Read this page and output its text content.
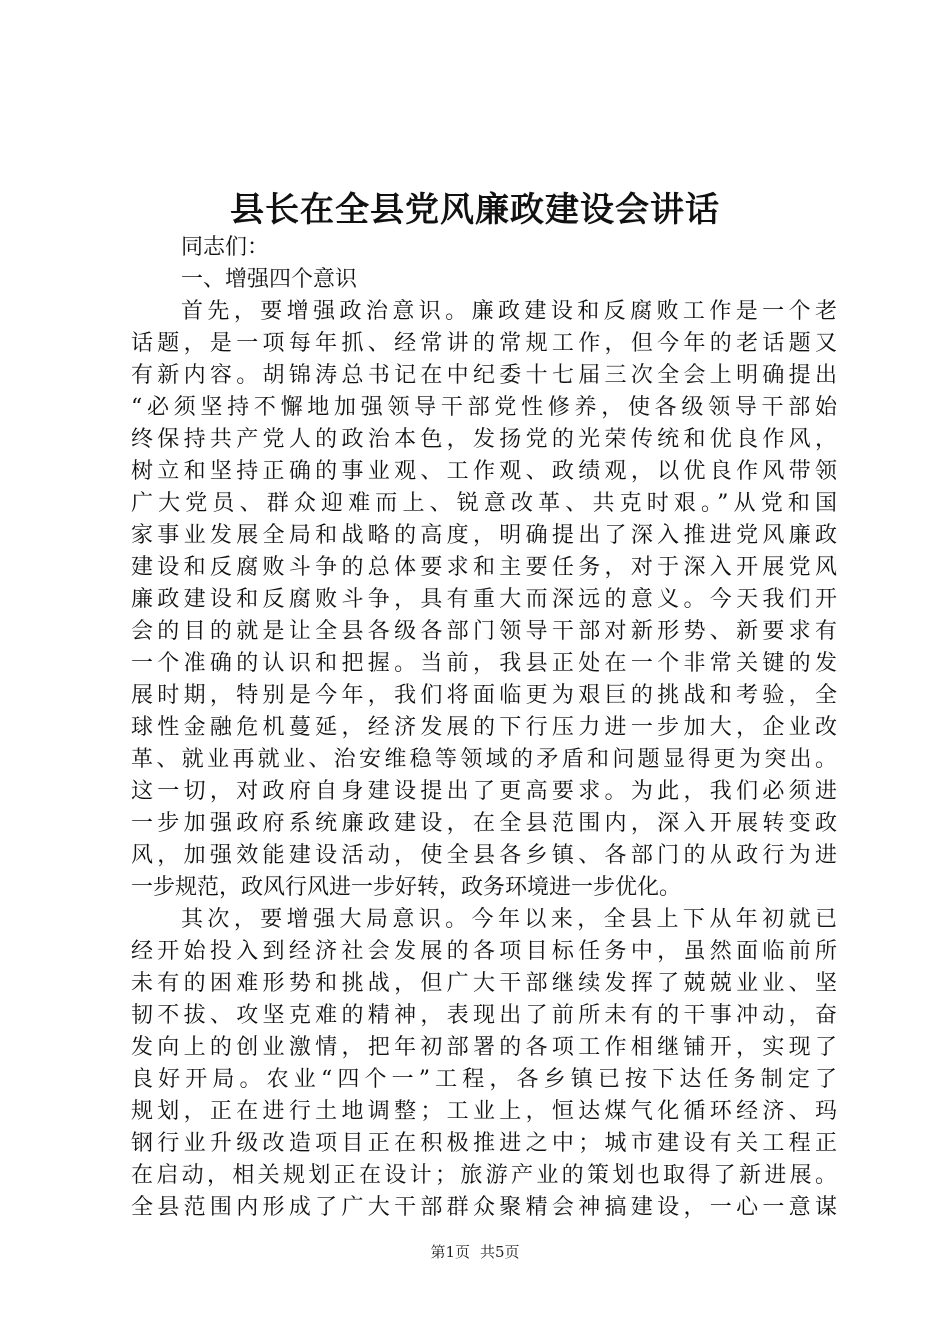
县长在全县党风廉政建设会讲话
同志们：
一、增强四个意识
首先，要增强政治意识。廉政建设和反腐败工作是一个老
话题，是一项每年抓、经常讲的常规工作，但今年的老话题又
有新内容。胡锦涛总书记在中纪委十七届三次全会上明确提出
“必须坚持不懈地加强领导干部党性修养，使各级领导干部始
终保持共产党人的政治本色，发扬党的光荣传统和优良作风，
树立和坚持正确的事业观、工作观、政绩观，以优良作风带领
广大党员、群众迎难而上、锐意改革、共克时艰。”从党和国
家事业发展全局和战略的高度，明确提出了深入推进党风廉政
建设和反腐败斗争的总体要求和主要任务，对于深入开展党风
廉政建设和反腐败斗争，具有重大而深远的意义。今天我们开
会的目的就是让全县各级各部门领导干部对新形势、新要求有
一个准确的认识和把握。当前，我县正处在一个非常关键的发
展时期，特别是今年，我们将面临更为艰巨的挑战和考验，全
球性金融危机蔓延，经济发展的下行压力进一步加大，企业改
革、就业再就业、治安维稳等领域的矛盾和问题显得更为突出。
这一切，对政府自身建设提出了更高要求。为此，我们必须进
一步加强政府系统廉政建设，在全县范围内，深入开展转变政
风，加强效能建设活动，使全县各乡镇、各部门的从政行为进
一步规范，政风行风进一步好转，政务环境进一步优化。
其次，要增强大局意识。今年以来，全县上下从年初就已
经开始投入到经济社会发展的各项目标任务中，虽然面临前所
未有的困难形势和挑战，但广大干部继续发挥了兢兢业业、坚
韧不拔、攻坚克难的精神，表现出了前所未有的干事冲动，奋
发向上的创业激情，把年初部署的各项工作相继铺开，实现了
良好开局。农业“四个一”工程，各乡镇已按下达任务制定了
规划，正在进行土地调整；工业上，恒达煤气化循环经济、玛
钢行业升级改造项目正在积极推进之中；城市建设有关工程正
在启动，相关规划正在设计；旅游产业的策划也取得了新进展。
全县范围内形成了广大干部群众聚精会神搞建设，一心一意谋
第1页 共5页
